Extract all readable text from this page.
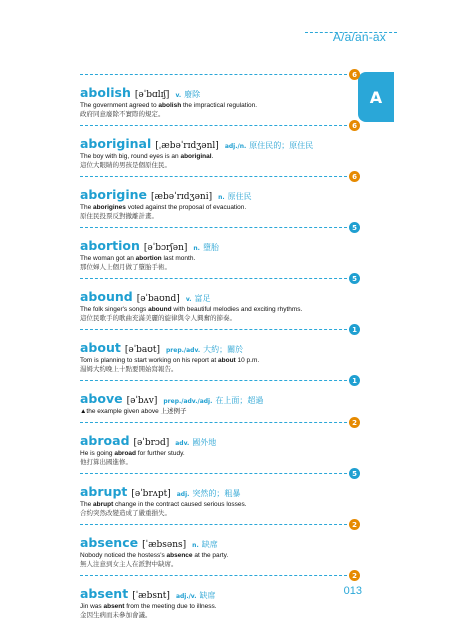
A/a/an-ax
A
6
abolish [əˈbɑlɪʃ] v. 廢除
The government agreed to abolish the impractical regulation.
政府同意廢除不實際的規定。
6
aboriginal [ˌæbəˈrɪdʒənl] adj./n. 原住民的；原住民
The boy with big, round eyes is an aboriginal.
這位大眼睛的男孩是個原住民。
6
aborigine [æbəˈrɪdʒəni] n. 原住民
The aborigines voted against the proposal of evacuation.
原住民投票反對撤離計畫。
5
abortion [əˈbɔrʃən] n. 墮胎
The woman got an abortion last month.
那位婦人上個月做了墮胎手術。
5
abound [əˈbaʊnd] v. 富足
The folk singer's songs abound with beautiful melodies and exciting rhythms.
這位民歌手的歌曲充滿美麗的旋律與令人興奮的節奏。
1
about [əˈbaʊt] prep./adv. 大約；關於
Tom is planning to start working on his report at about 10 p.m.
湯姆大約晚上十點要開始寫報告。
1
above [əˈbʌv] prep./adv./adj. 在上面；超過
▲the example given above 上述例子
2
abroad [əˈbrɔd] adv. 國外地
He is going abroad for further study.
他打算出國進修。
5
abrupt [əˈbrʌpt] adj. 突然的；粗暴
The abrupt change in the contract caused serious losses.
合約突然改變造成了嚴重損失。
2
absence [ˈæbsəns] n. 缺席
Nobody noticed the hostess's absence at the party.
無人注意到女主人在派對中缺席。
2
absent [ˈæbsnt] adj./v. 缺席
Jin was absent from the meeting due to illness.
金因生病而未參加會議。
013
